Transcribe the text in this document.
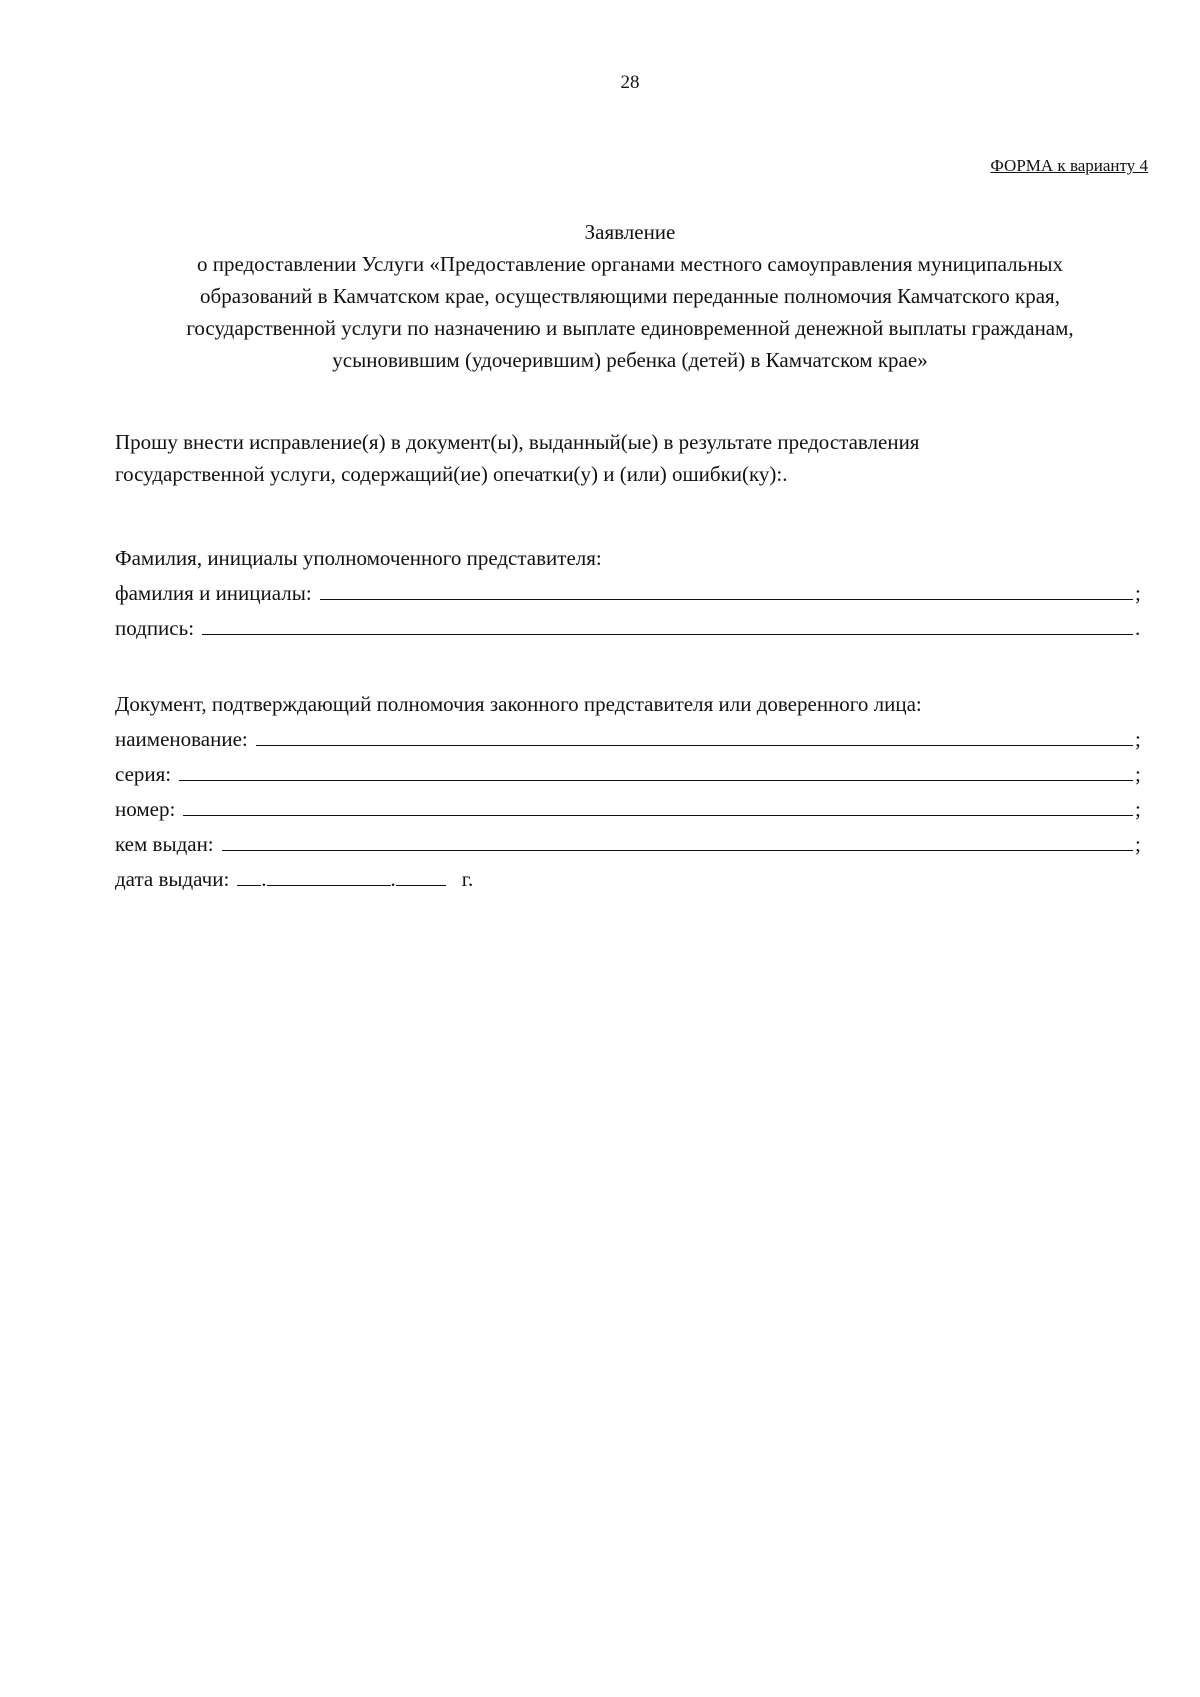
28
ФОРМА к варианту 4
Заявление
о предоставлении Услуги «Предоставление органами местного самоуправления муниципальных
образований в Камчатском крае, осуществляющими переданные полномочия Камчатского края,
государственной услуги по назначению и выплате единовременной денежной выплаты гражданам,
усыновившим (удочерившим) ребенка (детей) в Камчатском крае»
Прошу внести исправление(я) в документ(ы), выданный(ые) в результате предоставления
государственной услуги, содержащий(ие) опечатки(у) и (или) ошибки(ку):.
Фамилия, инициалы уполномоченного представителя:
фамилия и инициалы:	;
подпись:	.
Документ, подтверждающий полномочия законного представителя или доверенного лица:
наименование:	;
серия:	;
номер:	;
кем выдан:	;
дата выдачи: .	.	г.
